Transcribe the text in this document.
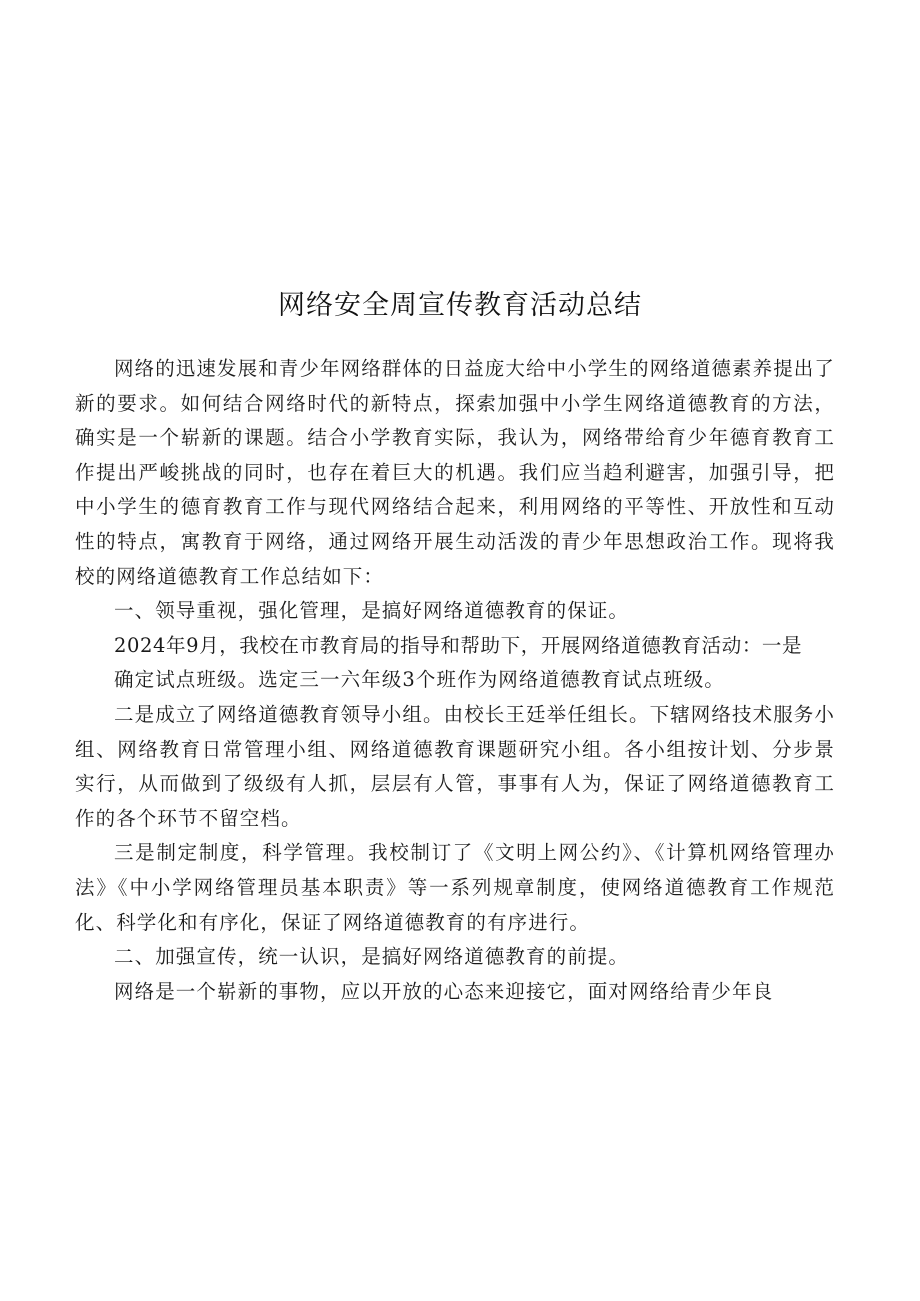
网络安全周宣传教育活动总结

网络的迅速发展和青少年网络群体的日益庞大给中小学生的网络道德素养提出了新的要求。如何结合网络时代的新特点，探索加强中小学生网络道德教育的方法，确实是一个崭新的课题。结合小学教育实际，我认为，网络带给育少年德育教育工作提出严峻挑战的同时，也存在着巨大的机遇。我们应当趋利避害，加强引导，把中小学生的德育教育工作与现代网络结合起来，利用网络的平等性、开放性和互动性的特点，寓教育于网络，通过网络开展生动活泼的青少年思想政治工作。现将我校的网络道德教育工作总结如下：

一、领导重视，强化管理，是搞好网络道德教育的保证。

2024年9月，我校在市教育局的指导和帮助下，开展网络道德教育活动：一是

确定试点班级。选定三一六年级3个班作为网络道德教育试点班级。

二是成立了网络道德教育领导小组。由校长王廷举任组长。下辖网络技术服务小组、网络教育日常管理小组、网络道德教育课题研究小组。各小组按计划、分步景实行，从而做到了级级有人抓，层层有人管，事事有人为，保证了网络道德教育工作的各个环节不留空档。

三是制定制度，科学管理。我校制订了《文明上网公约》、《计算机网络管理办法》《中小学网络管理员基本职责》等一系列规章制度，使网络道德教育工作规范化、科学化和有序化，保证了网络道德教育的有序进行。

二、加强宣传，统一认识，是搞好网络道德教育的前提。

网络是一个崭新的事物，应以开放的心态来迎接它，面对网络给青少年良
